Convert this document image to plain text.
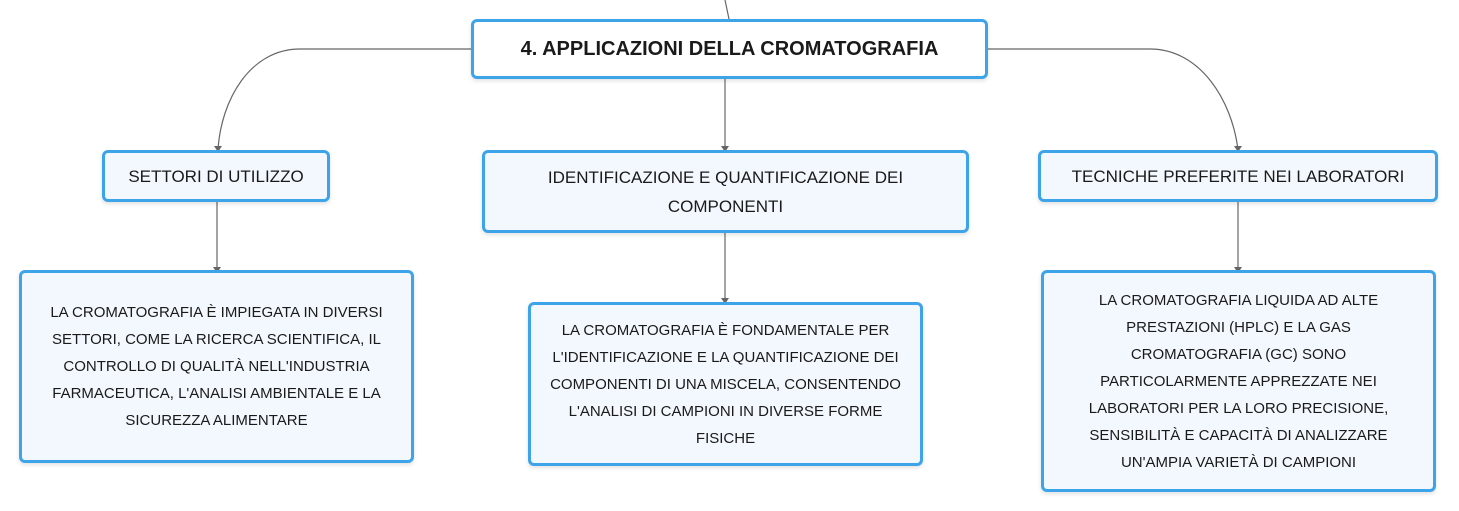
4. APPLICAZIONI DELLA CROMATOGRAFIA
SETTORI DI UTILIZZO	IDENTIFICAZIONE E QUANTIFICAZIONE DEI COMPONENTI
TECNICHE PREFERITE NEI LABORATORI
LA CROMATOGRAFIA È IMPIEGATA IN DIVERSI SETTORI, COME LA RICERCA SCIENTIFICA, IL CONTROLLO DI QUALITÀ NELL'INDUSTRIA FARMACEUTICA, L'ANALISI AMBIENTALE E LA SICUREZZA ALIMENTARE
LA CROMATOGRAFIA È FONDAMENTALE PER L'IDENTIFICAZIONE E LA QUANTIFICAZIONE DEI COMPONENTI DI UNA MISCELA, CONSENTENDO L'ANALISI DI CAMPIONI IN DIVERSE FORME FISICHE
LA CROMATOGRAFIA LIQUIDA AD ALTE PRESTAZIONI (HPLC) E LA GAS CROMATOGRAFIA (GC) SONO PARTICOLARMENTE APPREZZATE NEI LABORATORI PER LA LORO PRECISIONE, SENSIBILITÀ E CAPACITÀ DI ANALIZZARE UN'AMPIA VARIETÀ DI CAMPIONI
